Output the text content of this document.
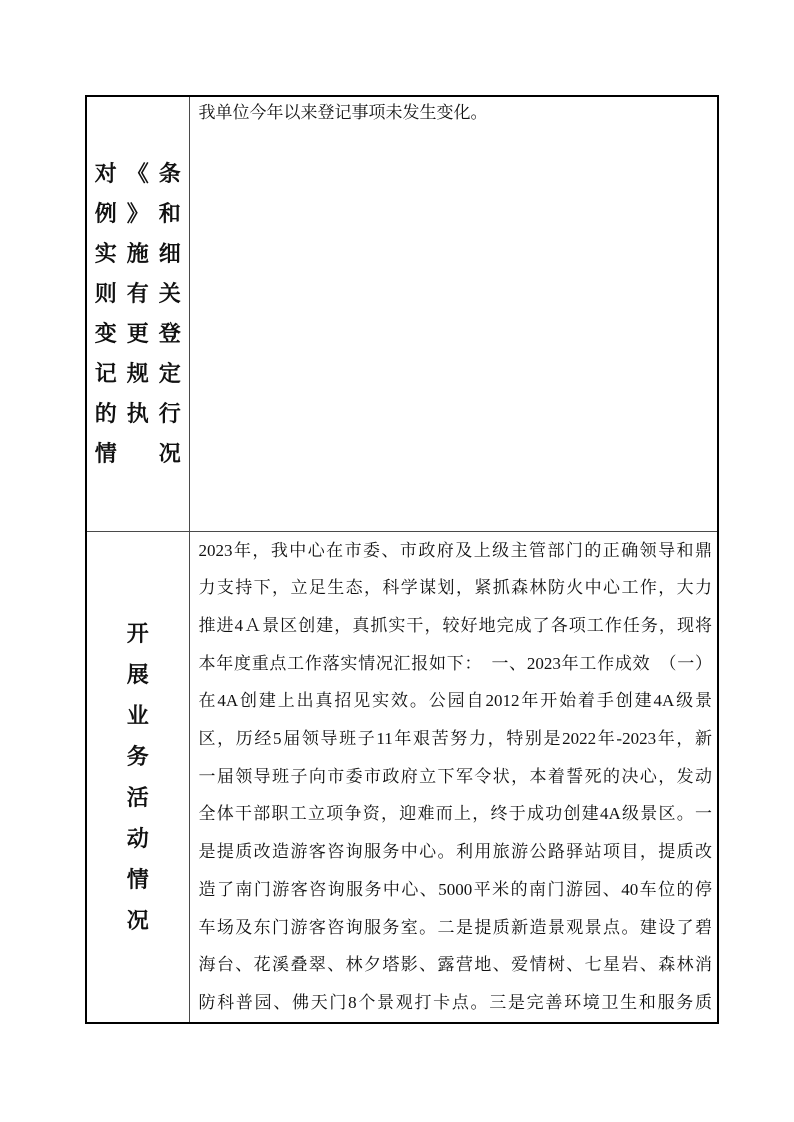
对《条
例》和
实施细
则有关
变更登
记规定
的执行
情况

我单位今年以来登记事项未发生变化。

开
展
业
务
活
动
情
况

2023年，我中心在市委、市政府及上级主管部门的正确领导和鼎
力支持下，立足生态，科学谋划，紧抓森林防火中心工作，大力
推进4Ａ景区创建，真抓实干，较好地完成了各项工作任务，现将
本年度重点工作落实情况汇报如下：　一、2023年工作成效　（一）
在4A创建上出真招见实效。公园自2012年开始着手创建4A级景
区，历经5届领导班子11年艰苦努力，特别是2022年-2023年，新
一届领导班子向市委市政府立下军令状，本着誓死的决心，发动
全体干部职工立项争资，迎难而上，终于成功创建4A级景区。一
是提质改造游客咨询服务中心。利用旅游公路驿站项目，提质改
造了南门游客咨询服务中心、5000平米的南门游园、40车位的停
车场及东门游客咨询服务室。二是提质新造景观景点。建设了碧
海台、花溪叠翠、林夕塔影、露营地、爱情树、七星岩、森林消
防科普园、佛天门8个景观打卡点。三是完善环境卫生和服务质
